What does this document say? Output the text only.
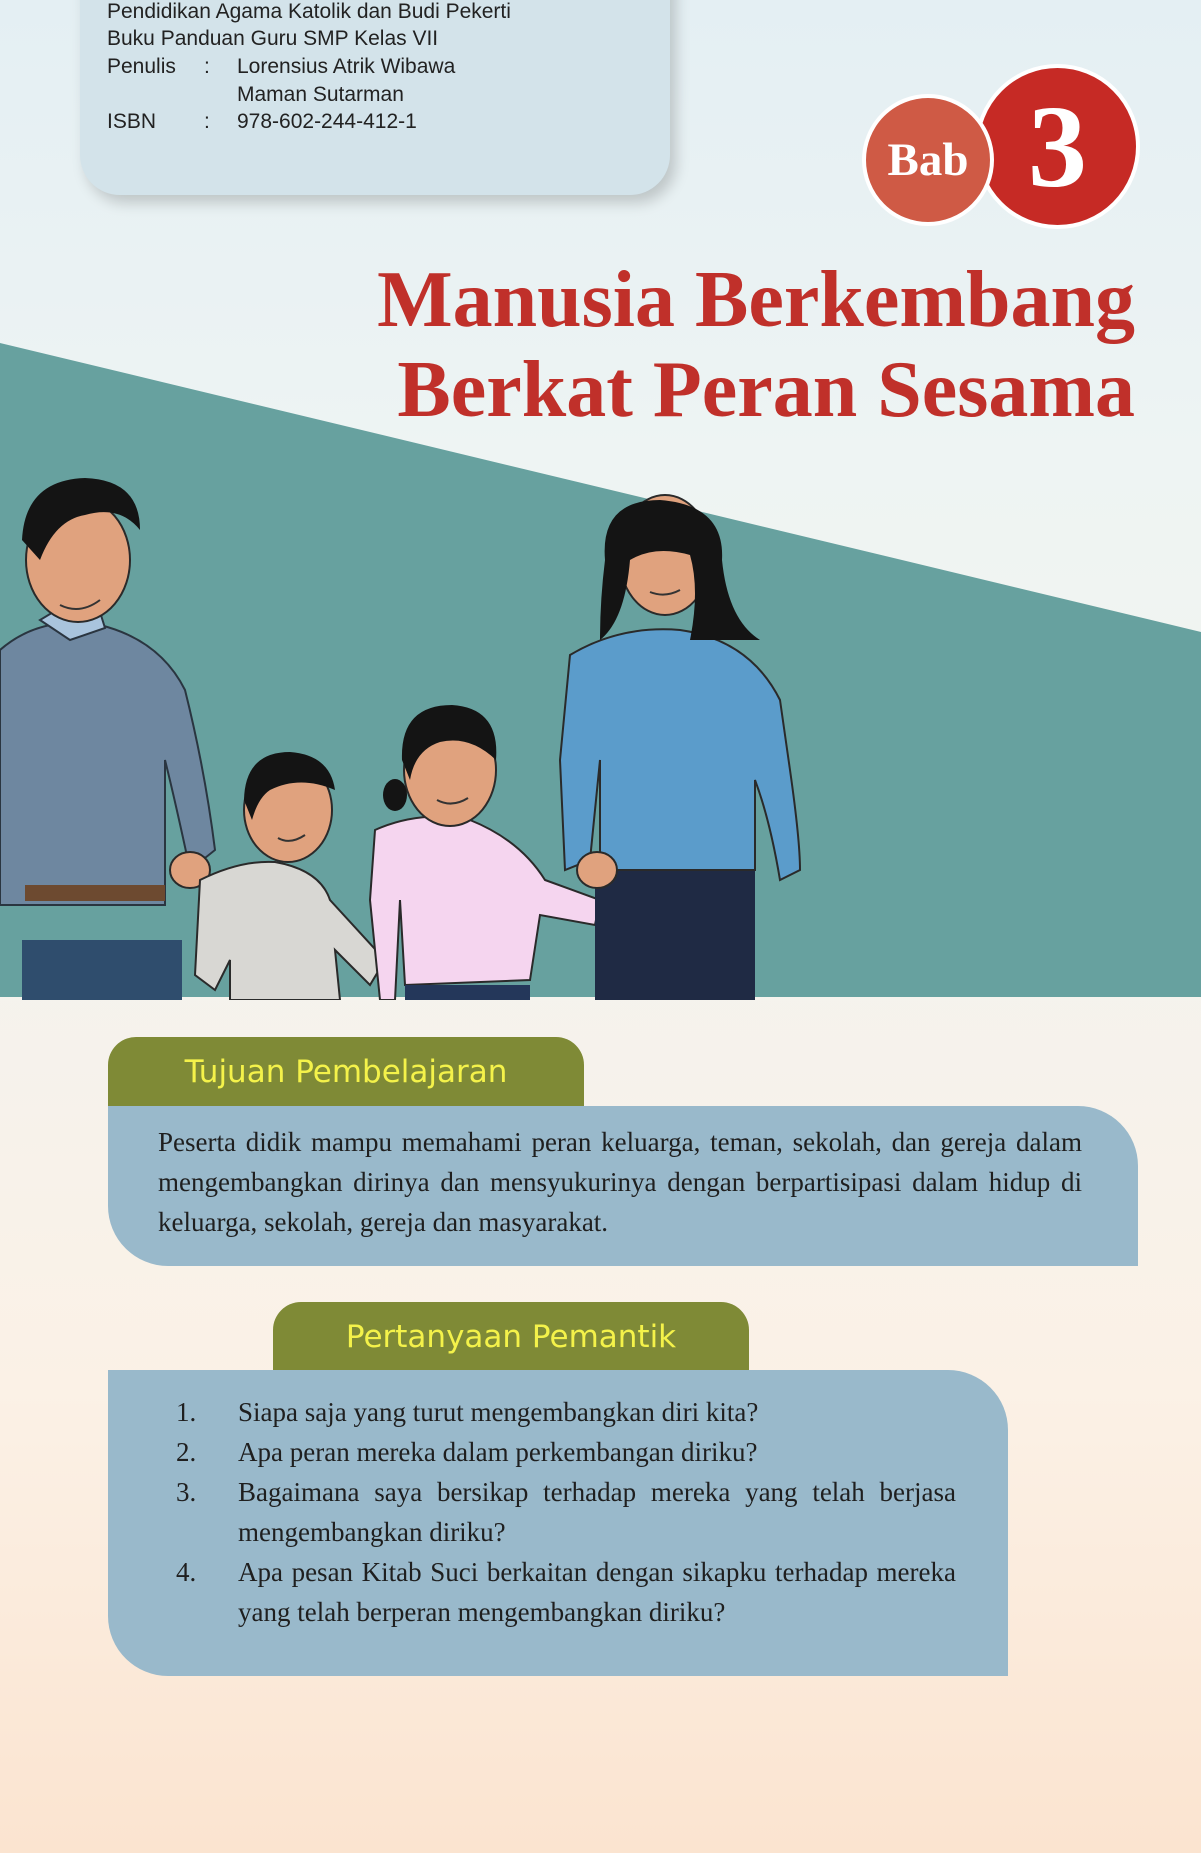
Pendidikan Agama Katolik dan Budi Pekerti
Buku Panduan Guru SMP Kelas VII
Penulis : Lorensius Atrik Wibawa
Maman Sutarman
ISBN : 978-602-244-412-1	3
Bab
Manusia Berkembang
Berkat Peran Sesama
Tujuan Pembelajaran

Peserta didik mampu memahami peran keluarga, teman, sekolah, dan gereja dalam mengembangkan dirinya dan mensyukurinya dengan berpartisipasi dalam hidup di keluarga, sekolah, gereja dan masyarakat.

Pertanyaan Pemantik
1. Siapa saja yang turut mengembangkan diri kita?
2. Apa peran mereka dalam perkembangan diriku?
3. Bagaimana saya bersikap terhadap mereka yang telah berjasa mengembangkan diriku?
4. Apa pesan Kitab Suci berkaitan dengan sikapku terhadap mereka yang telah berperan mengembangkan diriku?
